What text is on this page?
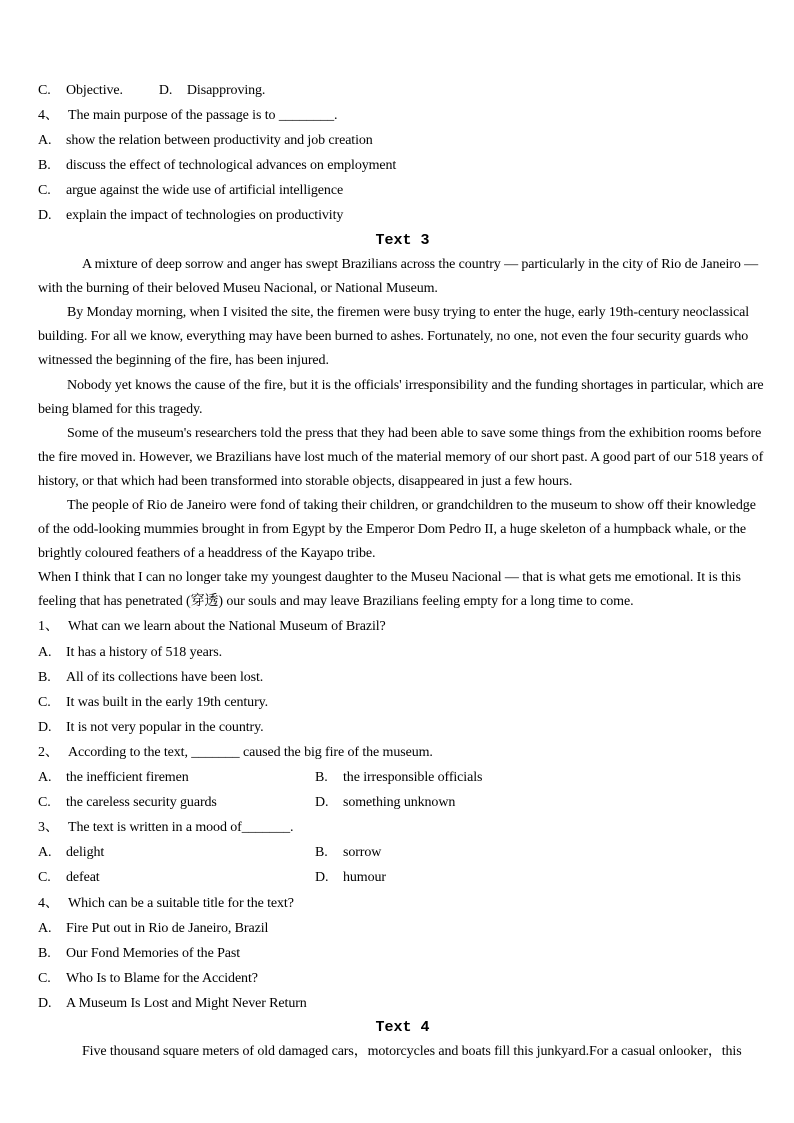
C. Objective.	D. Disapproving.
4、 The main purpose of the passage is to ________.
A. show the relation between productivity and job creation
B. discuss the effect of technological advances on employment
C. argue against the wide use of artificial intelligence
D. explain the impact of technologies on productivity
Text 3

A mixture of deep sorrow and anger has swept Brazilians across the country — particularly in the city of Rio de Janeiro — with the burning of their beloved Museu Nacional, or National Museum.

By Monday morning, when I visited the site, the firemen were busy trying to enter the huge, early 19th-century neoclassical building. For all we know, everything may have been burned to ashes. Fortunately, no one, not even the four security guards who witnessed the beginning of the fire, has been injured.

Nobody yet knows the cause of the fire, but it is the officials' irresponsibility and the funding shortages in particular, which are being blamed for this tragedy.

Some of the museum's researchers told the press that they had been able to save some things from the exhibition rooms before the fire moved in. However, we Brazilians have lost much of the material memory of our short past. A good part of our 518 years of history, or that which had been transformed into storable objects, disappeared in just a few hours.

The people of Rio de Janeiro were fond of taking their children, or grandchildren to the museum to show off their knowledge of the odd-looking mummies brought in from Egypt by the Emperor Dom Pedro II, a huge skeleton of a humpback whale, or the brightly coloured feathers of a headdress of the Kayapo tribe.

When I think that I can no longer take my youngest daughter to the Museu Nacional — that is what gets me emotional. It is this feeling that has penetrated (穿透) our souls and may leave Brazilians feeling empty for a long time to come.

1、 What can we learn about the National Museum of Brazil?
A. It has a history of 518 years.
B. All of its collections have been lost.
C. It was built in the early 19th century.
D. It is not very popular in the country.
2、 According to the text, _______ caused the big fire of the museum.
A. the inefficient firemen	B. the irresponsible officials
C. the careless security guards	D. something unknown
3、 The text is written in a mood of_______.
A. delight	B. sorrow
C. defeat	D. humour
4、 Which can be a suitable title for the text?
A. Fire Put out in Rio de Janeiro, Brazil
B. Our Fond Memories of the Past
C. Who Is to Blame for the Accident?
D. A Museum Is Lost and Might Never Return
Text 4

Five thousand square meters of old damaged cars，motorcycles and boats fill this junkyard.For a casual onlooker，this
